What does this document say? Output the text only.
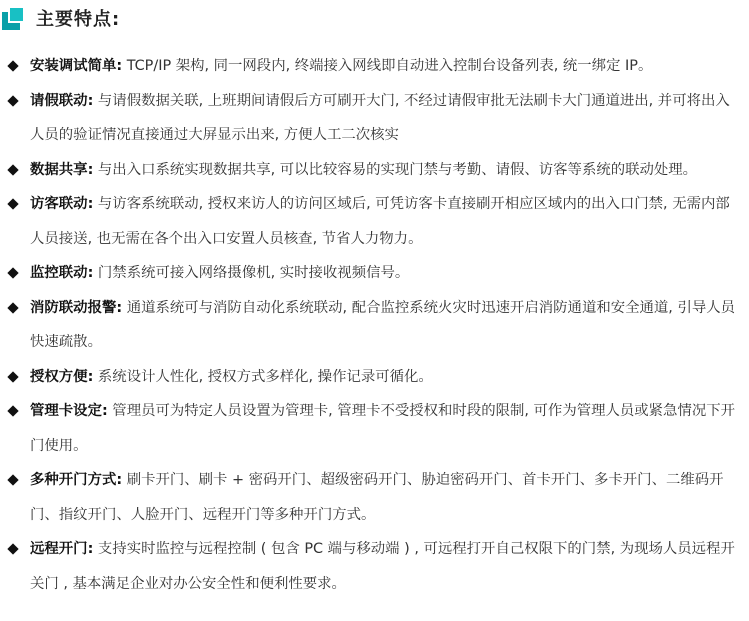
主要特点:
安装调试简单: TCP/IP 架构, 同一网段内, 终端接入网线即自动进入控制台设备列表, 统一绑定 IP。
请假联动: 与请假数据关联, 上班期间请假后方可刷开大门, 不经过请假审批无法刷卡大门通道进出, 并可将出入人员的验证情况直接通过大屏显示出来, 方便人工二次核实
数据共享: 与出入口系统实现数据共享, 可以比较容易的实现门禁与考勤、请假、访客等系统的联动处理。
访客联动: 与访客系统联动, 授权来访人的访问区域后, 可凭访客卡直接刷开相应区域内的出入口门禁, 无需内部人员接送, 也无需在各个出入口安置人员核查, 节省人力物力。
监控联动: 门禁系统可接入网络摄像机, 实时接收视频信号。
消防联动报警: 通道系统可与消防自动化系统联动, 配合监控系统火灾时迅速开启消防通道和安全通道, 引导人员快速疏散。
授权方便: 系统设计人性化, 授权方式多样化, 操作记录可循化。
管理卡设定: 管理员可为特定人员设置为管理卡, 管理卡不受授权和时段的限制, 可作为管理人员或紧急情况下开门使用。
多种开门方式: 刷卡开门、刷卡 + 密码开门、超级密码开门、胁迫密码开门、首卡开门、多卡开门、二维码开门、指纹开门、人脸开门、远程开门等多种开门方式。
远程开门: 支持实时监控与远程控制 ( 包含 PC 端与移动端 ) , 可远程打开自己权限下的门禁, 为现场人员远程开关门 , 基本满足企业对办公安全性和便利性要求。
